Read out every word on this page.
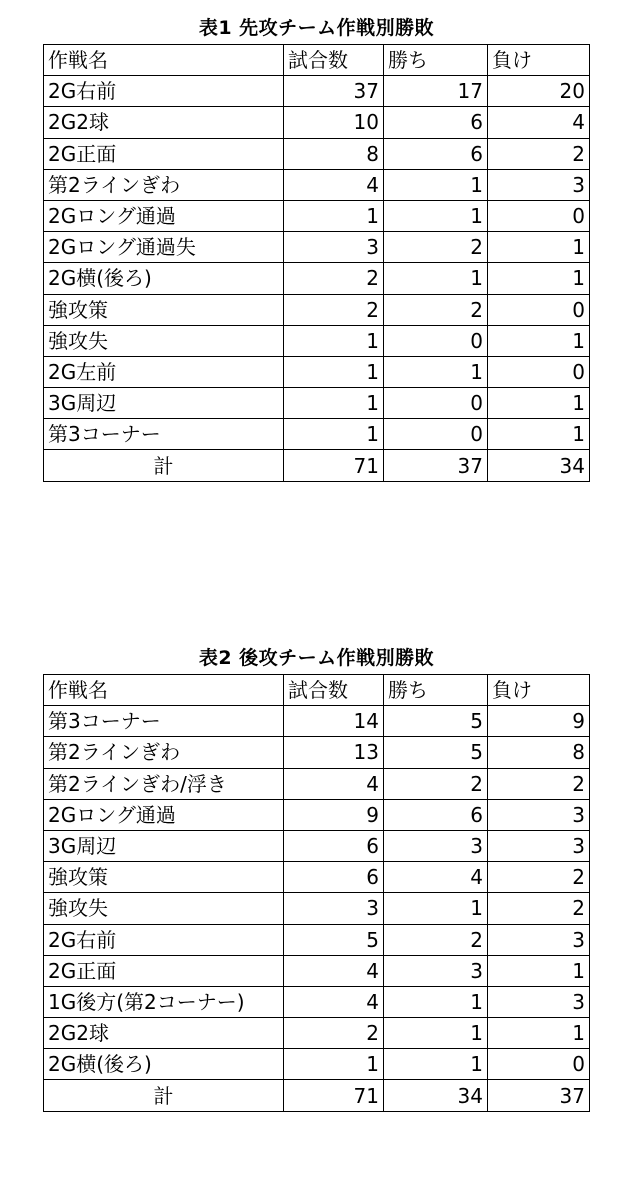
表1 先攻チーム作戦別勝敗
作戦名	試合数	勝ち	負け
2G右前	37	17	20
2G2球	10	6	4
2G正面	8	6	2
第2ラインぎわ	4	1	3
2Gロング通過	1	1	0
2Gロング通過失	3	2	1
2G横(後ろ)	2	1	1
強攻策	2	2	0
強攻失	1	0	1
2G左前	1	1	0
3G周辺	1	0	1
第3コーナー	1	0	1
計	71	37	34
表2 後攻チーム作戦別勝敗
作戦名	試合数	勝ち	負け
第3コーナー	14	5	9
第2ラインぎわ	13	5	8
第2ラインぎわ/浮き	4	2	2
2Gロング通過	9	6	3
3G周辺	6	3	3
強攻策	6	4	2
強攻失	3	1	2
2G右前	5	2	3
2G正面	4	3	1
1G後方(第2コーナー)	4	1	3
2G2球	2	1	1
2G横(後ろ)	1	1	0
計	71	34	37
